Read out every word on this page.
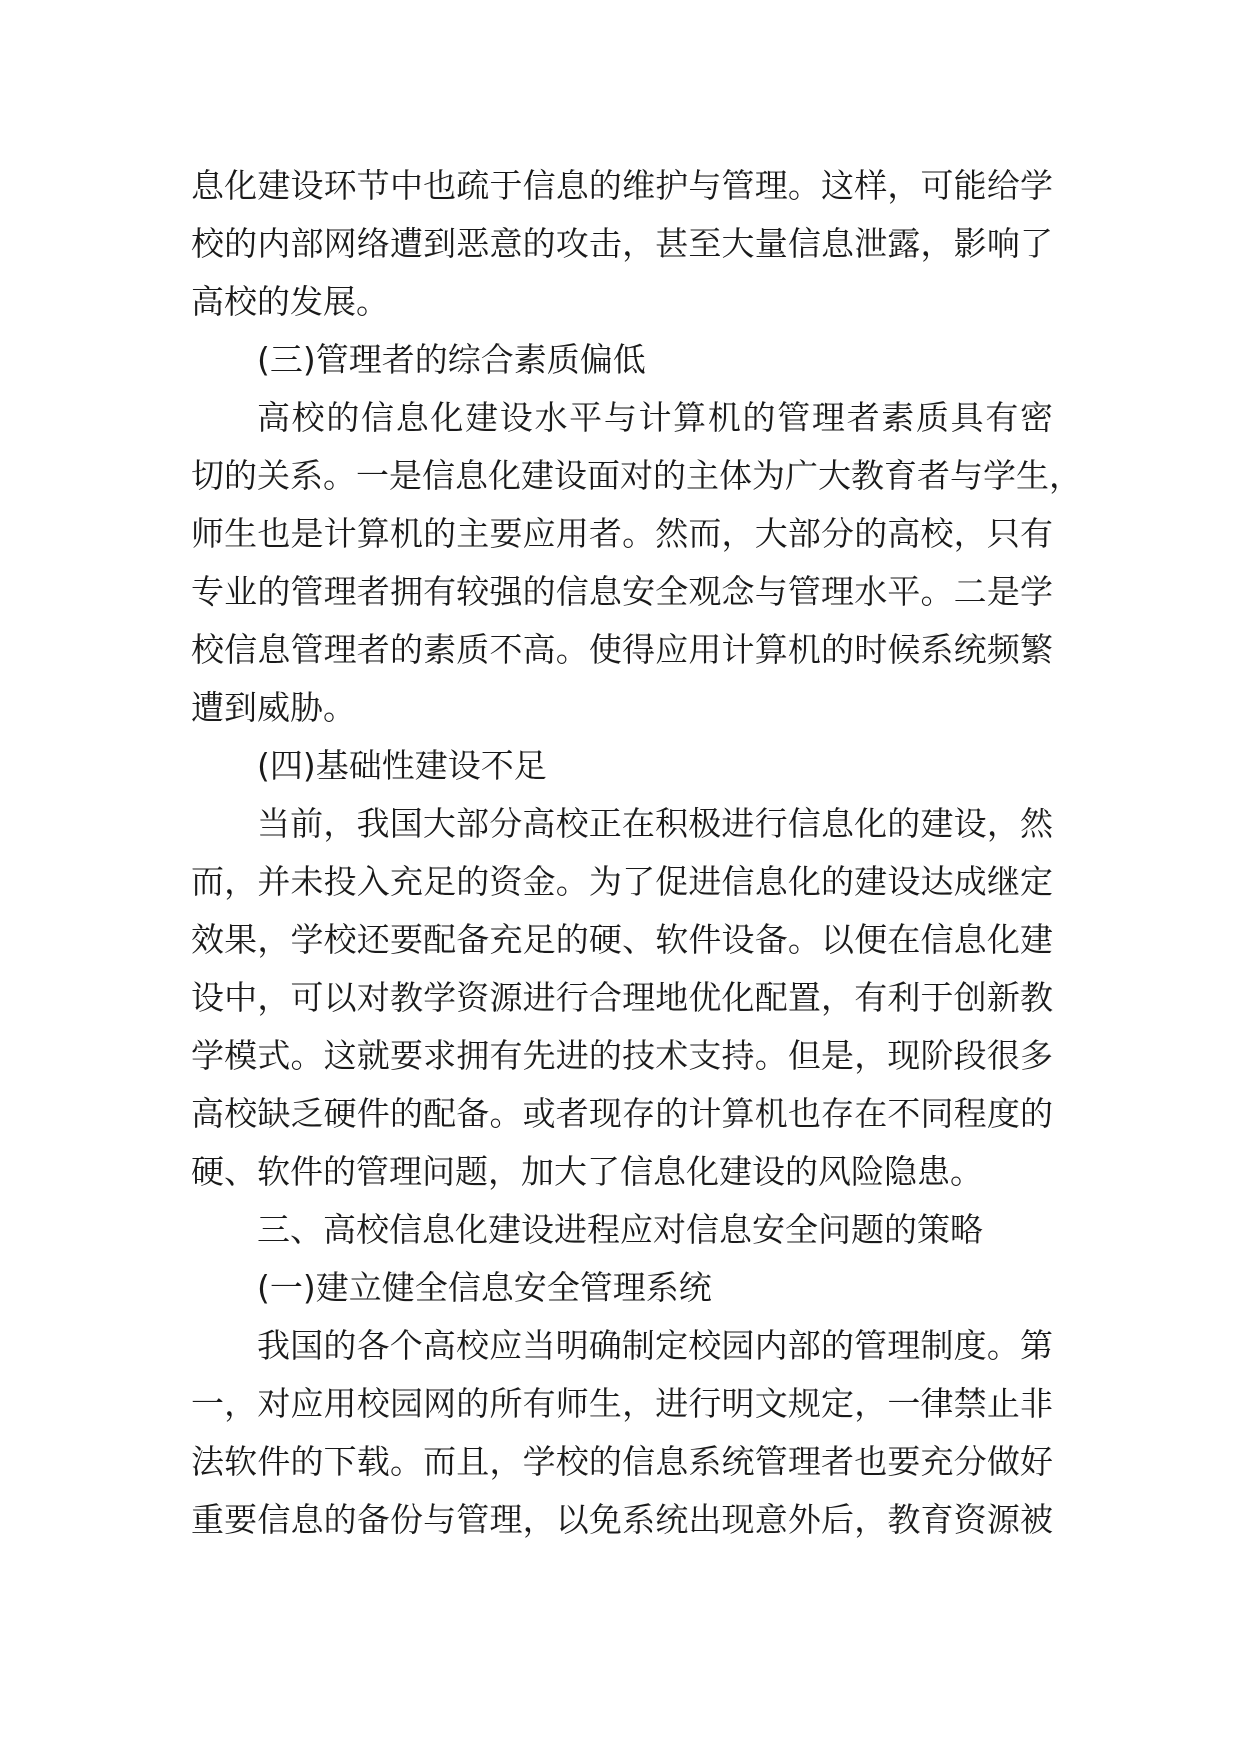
息化建设环节中也疏于信息的维护与管理。这样，可能给学
校的内部网络遭到恶意的攻击，甚至大量信息泄露，影响了
高校的发展。
(三)管理者的综合素质偏低
高校的信息化建设水平与计算机的管理者素质具有密
切的关系。一是信息化建设面对的主体为广大教育者与学生，
师生也是计算机的主要应用者。然而，大部分的高校，只有
专业的管理者拥有较强的信息安全观念与管理水平。二是学
校信息管理者的素质不高。使得应用计算机的时候系统频繁
遭到威胁。
(四)基础性建设不足
当前，我国大部分高校正在积极进行信息化的建设，然
而，并未投入充足的资金。为了促进信息化的建设达成继定
效果，学校还要配备充足的硬、软件设备。以便在信息化建
设中，可以对教学资源进行合理地优化配置，有利于创新教
学模式。这就要求拥有先进的技术支持。但是，现阶段很多
高校缺乏硬件的配备。或者现存的计算机也存在不同程度的
硬、软件的管理问题，加大了信息化建设的风险隐患。
三、高校信息化建设进程应对信息安全问题的策略
(一)建立健全信息安全管理系统
我国的各个高校应当明确制定校园内部的管理制度。第
一，对应用校园网的所有师生，进行明文规定，一律禁止非
法软件的下载。而且，学校的信息系统管理者也要充分做好
重要信息的备份与管理，以免系统出现意外后，教育资源被
